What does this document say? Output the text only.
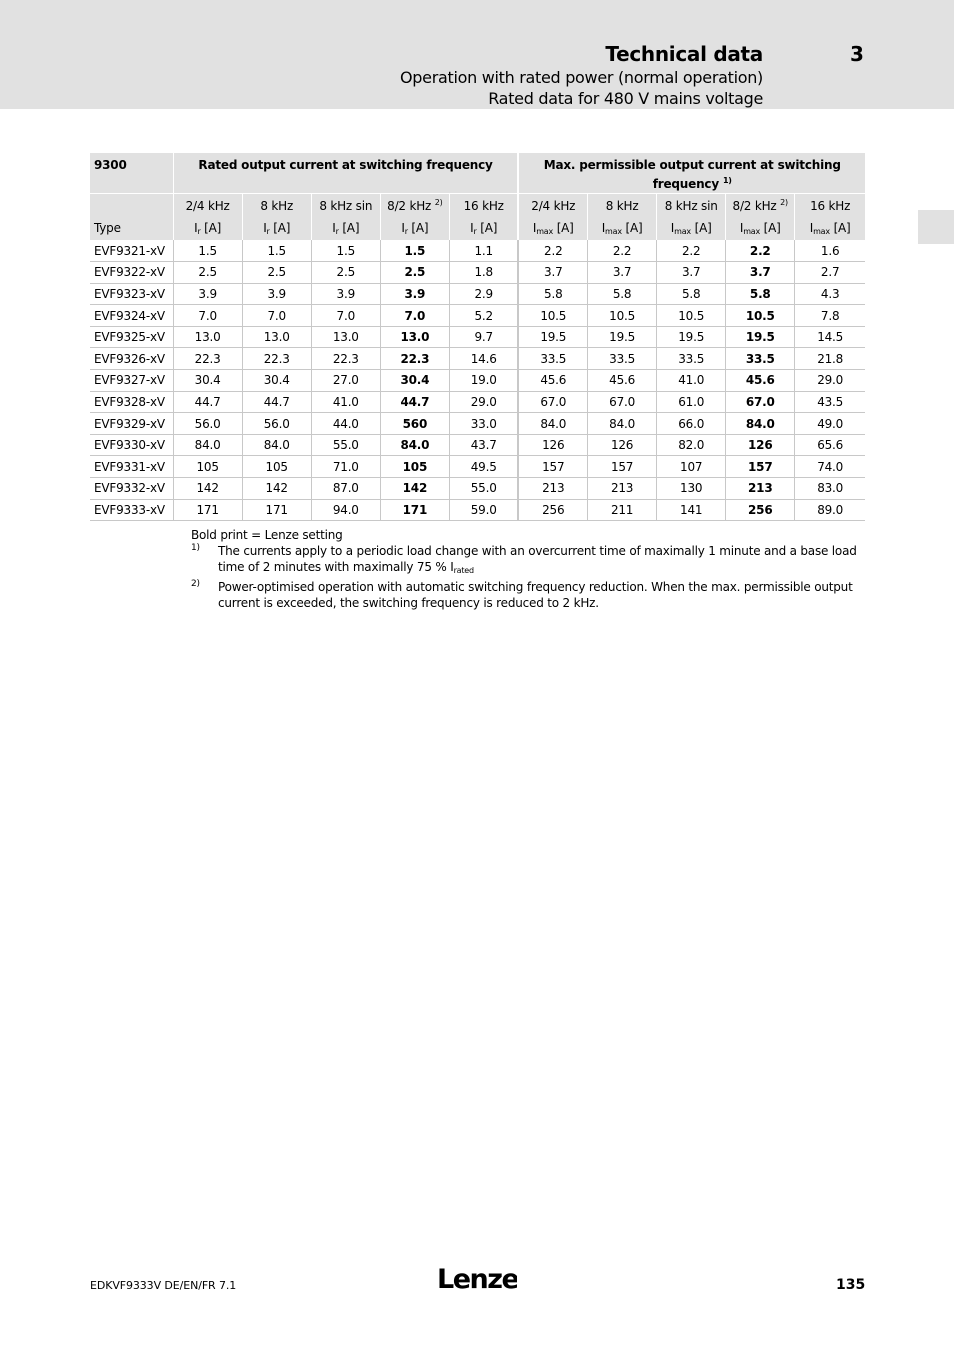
Technical data	3
Operation with rated power (normal operation)
Rated data for 480 V mains voltage
9300	Rated output current at switching frequency					Max. permissible output current at switching frequency $^{1)}$
	2/4 kHz	8 kHz	8 kHz sin	8/2 kHz $^{2)}$	16 kHz	2/4 kHz	8 kHz	8 kHz sin	8/2 kHz $^{2)}$	16 kHz
Type	$I_r$ [A]	$I_r$ [A]	$I_r$ [A]	$I_r$ [A]	$I_r$ [A]	$I_{max}$ [A]	$I_{max}$ [A]	$I_{max}$ [A]	$I_{max}$ [A]	$I_{max}$ [A]
EVF9321-xV	1.5	1.5	1.5	1.5	1.1	2.2	2.2	2.2	2.2	1.6
EVF9322-xV	2.5	2.5	2.5	2.5	1.8	3.7	3.7	3.7	3.7	2.7
EVF9323-xV	3.9	3.9	3.9	3.9	2.9	5.8	5.8	5.8	5.8	4.3
EVF9324-xV	7.0	7.0	7.0	7.0	5.2	10.5	10.5	10.5	10.5	7.8
EVF9325-xV	13.0	13.0	13.0	13.0	9.7	19.5	19.5	19.5	19.5	14.5
EVF9326-xV	22.3	22.3	22.3	22.3	14.6	33.5	33.5	33.5	33.5	21.8
EVF9327-xV	30.4	30.4	27.0	30.4	19.0	45.6	45.6	41.0	45.6	29.0
EVF9328-xV	44.7	44.7	41.0	44.7	29.0	67.0	67.0	61.0	67.0	43.5
EVF9329-xV	56.0	56.0	44.0	560	33.0	84.0	84.0	66.0	84.0	49.0
EVF9330-xV	84.0	84.0	55.0	84.0	43.7	126	126	82.0	126	65.6
EVF9331-xV	105	105	71.0	105	49.5	157	157	107	157	74.0
EVF9332-xV	142	142	87.0	142	55.0	213	213	130	213	83.0
EVF9333-xV	171	171	94.0	171	59.0	256	211	141	256	89.0
Bold print = Lenze setting
1) The currents apply to a periodic load change with an overcurrent time of maximally 1 minute and a base load time of 2 minutes with maximally 75 % $I_{rated}$
2) Power-optimised operation with automatic switching frequency reduction. When the max. permissible output current is exceeded, the switching frequency is reduced to 2 kHz.
EDKVF9333V DE/EN/FR 7.1	Lenze	135
